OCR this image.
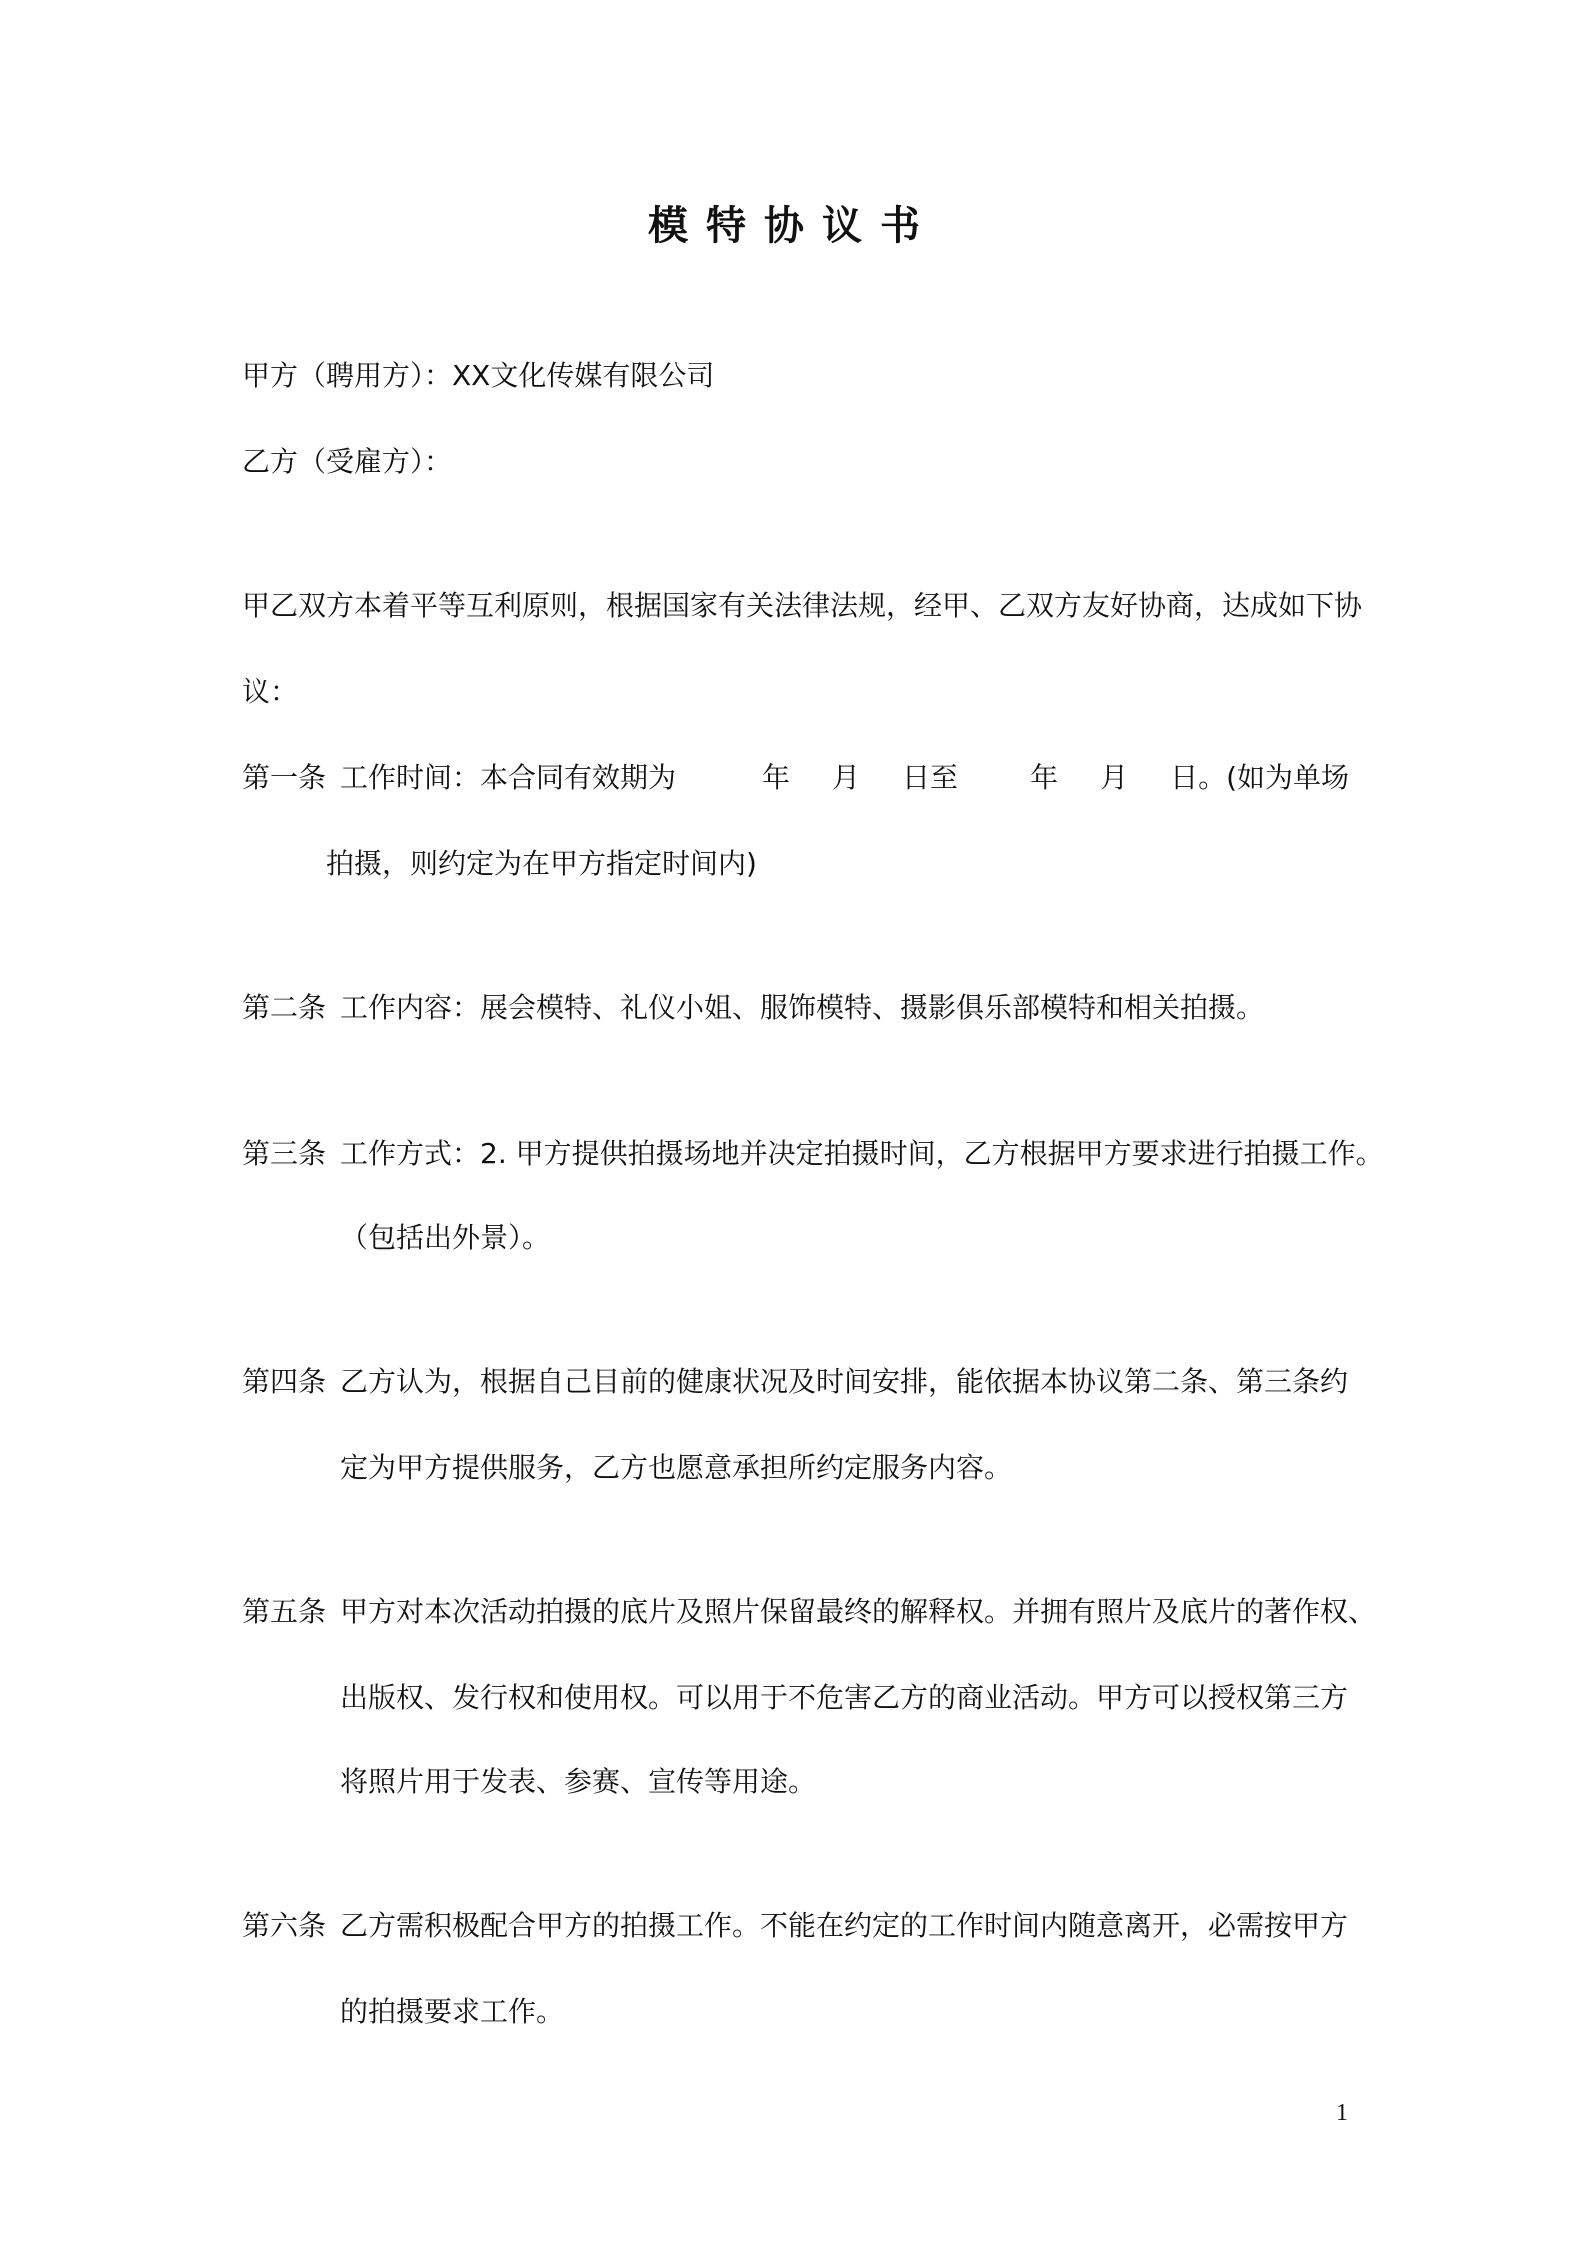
模特协议书
甲方（聘用方）：XX文化传媒有限公司
乙方（受雇方）：
甲乙双方本着平等互利原则，根据国家有关法律法规，经甲、乙双方友好协商，达成如下协
议：
第一条 工作时间：本合同有效期为	年 月 日至	年 月 日。(如为单场
拍摄，则约定为在甲方指定时间内)
第二条 工作内容：展会模特、礼仪小姐、服饰模特、摄影俱乐部模特和相关拍摄。
第三条 工作方式：2. 甲方提供拍摄场地并决定拍摄时间，乙方根据甲方要求进行拍摄工作。
（包括出外景）。
第四条 乙方认为，根据自己目前的健康状况及时间安排，能依据本协议第二条、第三条约
定为甲方提供服务，乙方也愿意承担所约定服务内容。
第五条 甲方对本次活动拍摄的底片及照片保留最终的解释权。并拥有照片及底片的著作权、
出版权、发行权和使用权。可以用于不危害乙方的商业活动。甲方可以授权第三方
将照片用于发表、参赛、宣传等用途。
第六条 乙方需积极配合甲方的拍摄工作。不能在约定的工作时间内随意离开，必需按甲方
的拍摄要求工作。
1
